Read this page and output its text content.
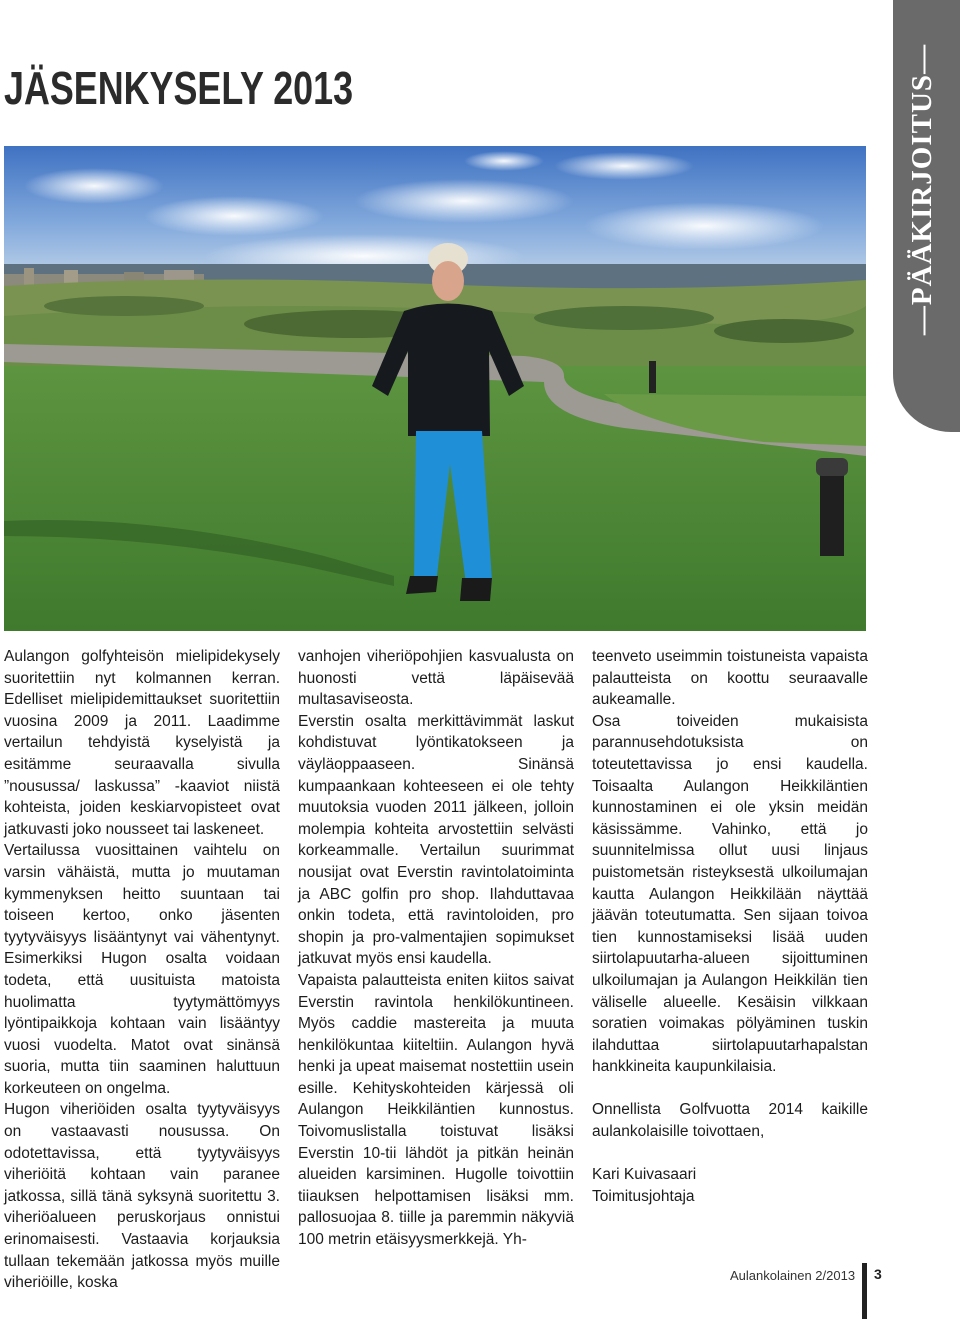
JÄSENKYSELY 2013	—PÄÄKIRJOITUS—

Aulangon golfyhteisön mielipidekysely suoritettiin nyt kolmannen kerran. Edelliset mielipidemittaukset suoritettiin vuosina 2009 ja 2011. Laadimme vertailun tehdyistä kyselyistä ja esitämme seuraavalla sivulla ”nousussa/ laskussa” -kaaviot niistä kohteista, joiden keskiarvopisteet ovat jatkuvasti joko nousseet tai laskeneet.

Vertailussa vuosittainen vaihtelu on varsin vähäistä, mutta jo muutaman kymmenyksen heitto suuntaan tai toiseen kertoo, onko jäsenten tyytyväisyys lisääntynyt vai vähentynyt. Esimerkiksi Hugon osalta voidaan todeta, että uusituista matoista huolimatta tyytymättömyys lyöntipaikkoja kohtaan vain lisääntyy vuosi vuodelta. Matot ovat sinänsä suoria, mutta tiin saaminen haluttuun korkeuteen on ongelma.

Hugon viheriöiden osalta tyytyväisyys on vastaavasti nousussa. On odotettavissa, että tyytyväisyys viheriöitä kohtaan vain paranee jatkossa, sillä tänä syksynä suoritettu 3. viheriöalueen peruskorjaus onnistui erinomaisesti. Vastaavia korjauksia tullaan tekemään jatkossa myös muille viheriöille, koska

vanhojen viheriöpohjien kasvualusta on huonosti vettä läpäisevää multasaviseosta.

Everstin osalta merkittävimmät laskut kohdistuvat lyöntikatokseen ja väyläoppaaseen. Sinänsä kumpaankaan kohteeseen ei ole tehty muutoksia vuoden 2011 jälkeen, jolloin molempia kohteita arvostettiin selvästi korkeammalle. Vertailun suurimmat nousijat ovat Everstin ravintolatoiminta ja ABC golfin pro shop. Ilahduttavaa onkin todeta, että ravintoloiden, pro shopin ja pro-valmentajien sopimukset jatkuvat myös ensi kaudella.

Vapaista palautteista eniten kiitos saivat Everstin ravintola henkilökuntineen. Myös caddie mastereita ja muuta henkilökuntaa kiiteltiin. Aulangon hyvä henki ja upeat maisemat nostettiin usein esille. Kehityskohteiden kärjessä oli Aulangon Heikkiläntien kunnostus. Toivomuslistalla toistuvat lisäksi Everstin 10-tii lähdöt ja pitkän heinän alueiden karsiminen. Hugolle toivottiin tiiauksen helpottamisen lisäksi mm. pallosuojaa 8. tiille ja paremmin näkyviä 100 metrin etäisyysmerkkejä. Yh-

teenveto useimmin toistuneista vapaista palautteista on koottu seuraavalle aukeamalle.

Osa toiveiden mukaisista parannusehdotuksista on toteutettavissa jo ensi kaudella. Toisaalta Aulangon Heikkiläntien kunnostaminen ei ole yksin meidän käsissämme. Vahinko, että jo suunnitelmissa ollut uusi linjaus puistometsän risteyksestä ulkoilumajan kautta Aulangon Heikkilään näyttää jäävän toteutumatta. Sen sijaan toivoa tien kunnostamiseksi lisää uuden siirtolapuutarha-alueen sijoittuminen ulkoilumajan ja Aulangon Heikkilän tien väliselle alueelle. Kesäisin vilkkaan soratien voimakas pölyäminen tuskin ilahduttaa siirtolapuutarhapalstan hankkineita kaupunkilaisia.

Onnellista Golfvuotta 2014 kaikille aulankolaisille toivottaen,

Kari Kuivasaari

Toimitusjohtaja

Aulankolainen 2/2013 3
